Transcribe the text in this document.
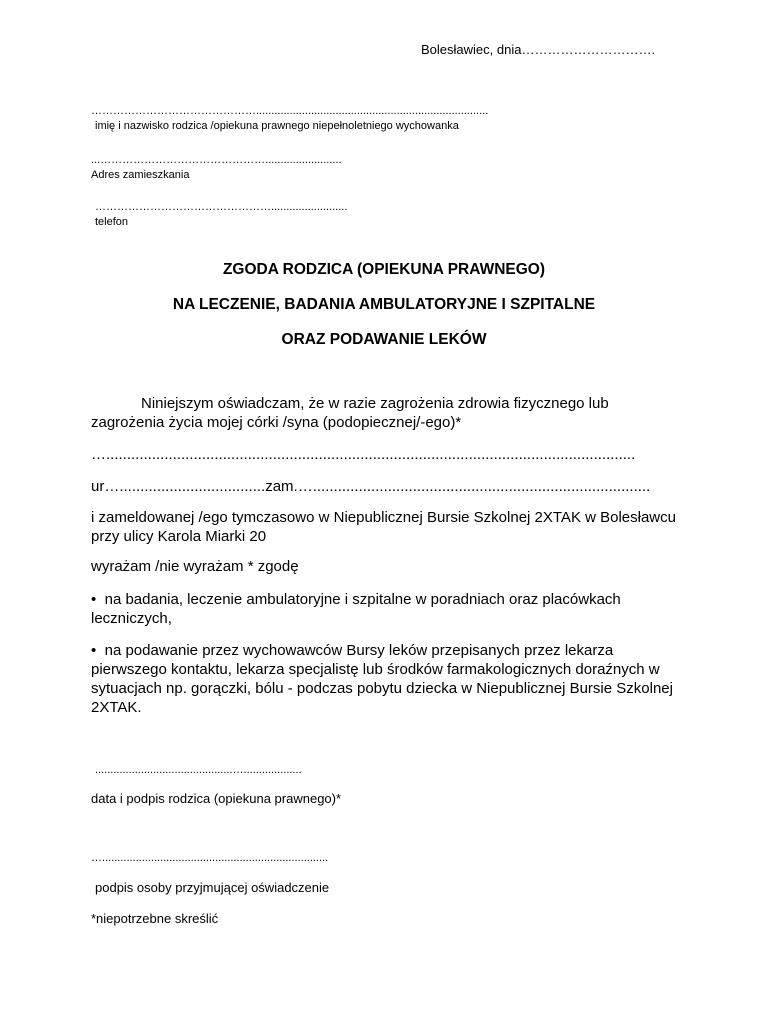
Bolesławiec, dnia………………………….
………………………………………............................................................................
imię i nazwisko rodzica /opiekuna prawnego niepełnoletniego wychowanka
...……………………………………….........................
Adres zamieszkania
………………………………………….........................
telefon
ZGODA RODZICA (OPIEKUNA PRAWNEGO)
NA LECZENIE, BADANIA AMBULATORYJNE I SZPITALNE
ORAZ PODAWANIE LEKÓW
Niniejszym oświadczam, że w razie zagrożenia zdrowia fizycznego lub zagrożenia życia mojej córki /syna (podopiecznej/-ego)*
…...............................................................................................................................
ur…...................................zam.….................................................................................
i zameldowanej /ego tymczasowo w Niepublicznej Bursie Szkolnej 2XTAK w Bolesławcu przy ulicy Karola Miarki 20
wyrażam /nie wyrażam * zgodę
• na badania, leczenie ambulatoryjne i szpitalne w poradniach oraz placówkach leczniczych,
• na podawanie przez wychowawców Bursy leków przepisanych przez lekarza pierwszego kontaktu, lekarza specjalistę lub środków farmakologicznych doraźnych w sytuacjach np. gorączki, bólu - podczas pobytu dziecka w Niepublicznej Bursie Szkolnej 2XTAK.
.............................................…...................
data i podpis rodzica (opiekuna prawnego)*
…..........................................................................
podpis osoby przyjmującej oświadczenie
*niepotrzebne skreślić
